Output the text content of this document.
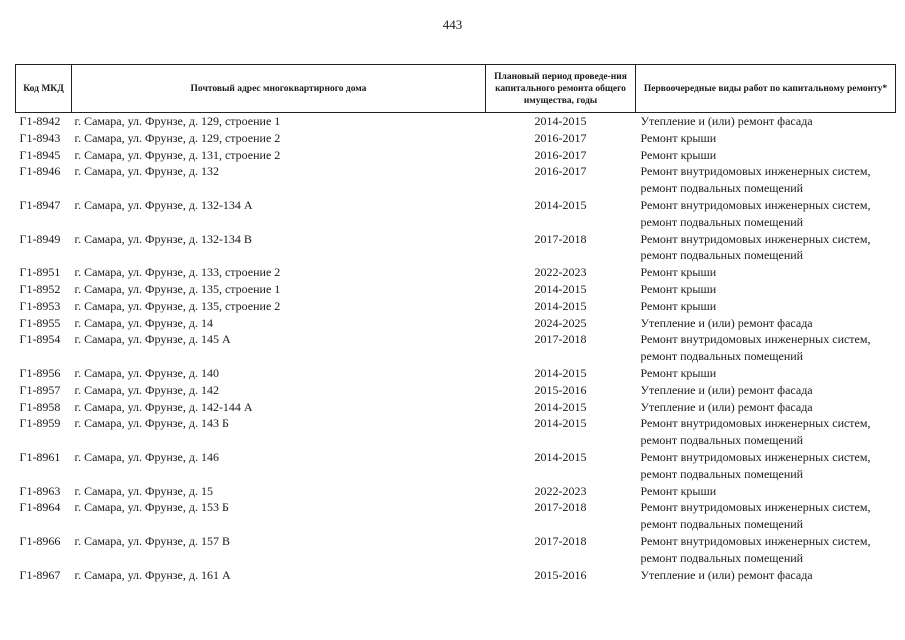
443
Код МКД	Почтовый адрес многоквартирного дома	Плановый период проведе-ния капитального ремонта общего имущества, годы	Первоочередные виды работ по капитальному ремонту*
Г1-8942	г. Самара, ул. Фрунзе, д. 129, строение 1	2014-2015	Утепление и (или) ремонт фасада

Г1-8943	г. Самара, ул. Фрунзе, д. 129, строение 2	2016-2017	Ремонт крыши

Г1-8945	г. Самара, ул. Фрунзе, д. 131, строение 2	2016-2017	Ремонт крыши

Г1-8946	г. Самара, ул. Фрунзе, д. 132	2016-2017	Ремонт внутридомовых инженерных систем,
ремонт подвальных помещений

Г1-8947	г. Самара, ул. Фрунзе, д. 132-134 А	2014-2015	Ремонт внутридомовых инженерных систем,
ремонт подвальных помещений

Г1-8949	г. Самара, ул. Фрунзе, д. 132-134 В	2017-2018	Ремонт внутридомовых инженерных систем,
ремонт подвальных помещений

Г1-8951	г. Самара, ул. Фрунзе, д. 133, строение 2	2022-2023	Ремонт крыши

Г1-8952	г. Самара, ул. Фрунзе, д. 135, строение 1	2014-2015	Ремонт крыши

Г1-8953	г. Самара, ул. Фрунзе, д. 135, строение 2	2014-2015	Ремонт крыши

Г1-8955	г. Самара, ул. Фрунзе, д. 14	2024-2025	Утепление и (или) ремонт фасада

Г1-8954	г. Самара, ул. Фрунзе, д. 145 А	2017-2018	Ремонт внутридомовых инженерных систем,
ремонт подвальных помещений

Г1-8956	г. Самара, ул. Фрунзе, д. 140	2014-2015	Ремонт крыши

Г1-8957	г. Самара, ул. Фрунзе, д. 142	2015-2016	Утепление и (или) ремонт фасада

Г1-8958	г. Самара, ул. Фрунзе, д. 142-144 А	2014-2015	Утепление и (или) ремонт фасада

Г1-8959	г. Самара, ул. Фрунзе, д. 143 Б	2014-2015	Ремонт внутридомовых инженерных систем,
ремонт подвальных помещений

Г1-8961	г. Самара, ул. Фрунзе, д. 146	2014-2015	Ремонт внутридомовых инженерных систем,
ремонт подвальных помещений

Г1-8963	г. Самара, ул. Фрунзе, д. 15	2022-2023	Ремонт крыши

Г1-8964	г. Самара, ул. Фрунзе, д. 153 Б	2017-2018	Ремонт внутридомовых инженерных систем,
ремонт подвальных помещений

Г1-8966	г. Самара, ул. Фрунзе, д. 157 В	2017-2018	Ремонт внутридомовых инженерных систем,
ремонт подвальных помещений

Г1-8967	г. Самара, ул. Фрунзе, д. 161 А	2015-2016	Утепление и (или) ремонт фасада
